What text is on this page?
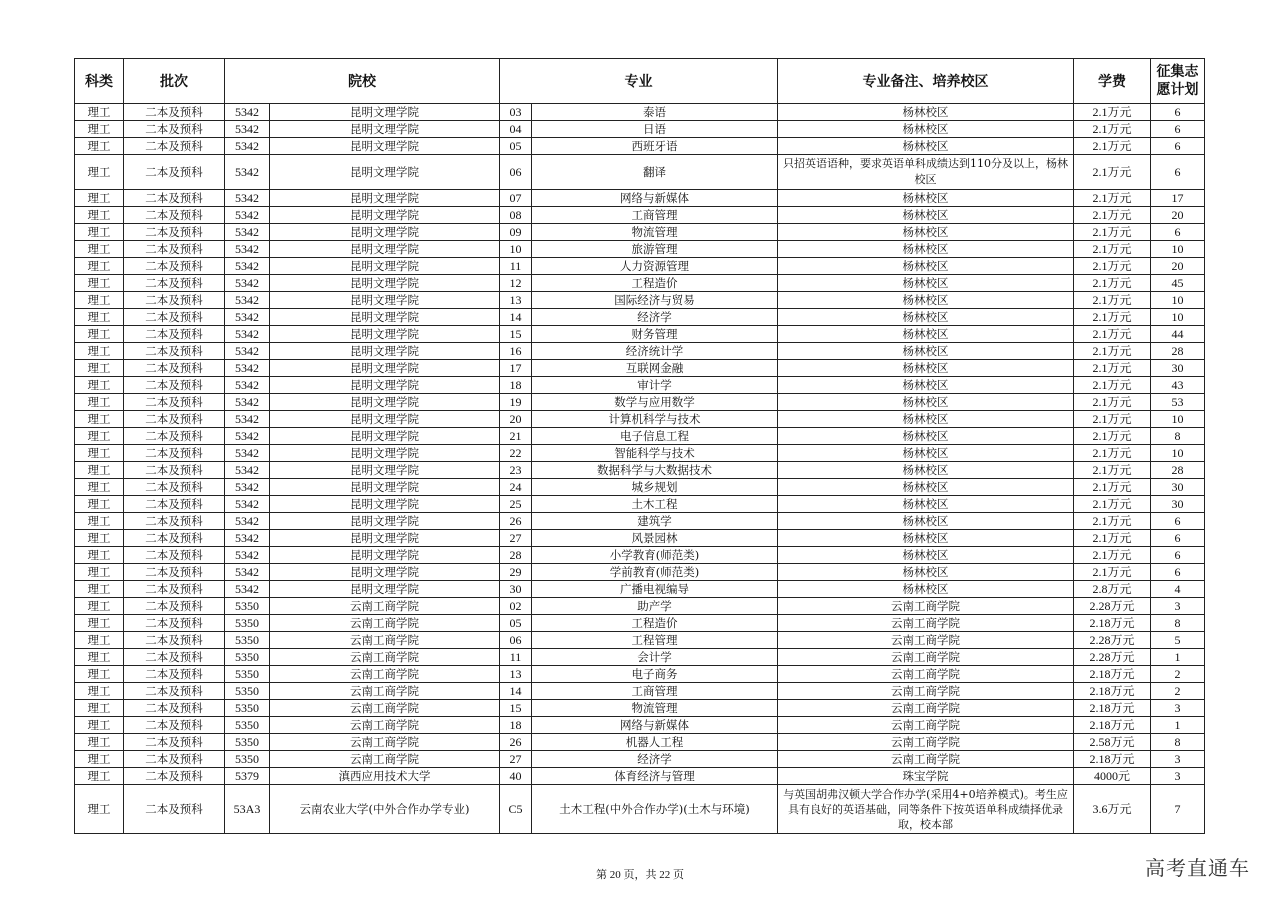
科类	批次	院校		专业		专业备注、培养校区	学费	征集志愿计划
理工	二本及预科	5342	昆明文理学院	03	泰语	杨林校区	2.1万元	6
理工	二本及预科	5342	昆明文理学院	04	日语	杨林校区	2.1万元	6
理工	二本及预科	5342	昆明文理学院	05	西班牙语	杨林校区	2.1万元	6
理工	二本及预科	5342	昆明文理学院	06	翻译	只招英语语种，要求英语单科成绩达到110分及以上，杨林校区	2.1万元	6
理工	二本及预科	5342	昆明文理学院	07	网络与新媒体	杨林校区	2.1万元	17
理工	二本及预科	5342	昆明文理学院	08	工商管理	杨林校区	2.1万元	20
理工	二本及预科	5342	昆明文理学院	09	物流管理	杨林校区	2.1万元	6
理工	二本及预科	5342	昆明文理学院	10	旅游管理	杨林校区	2.1万元	10
理工	二本及预科	5342	昆明文理学院	11	人力资源管理	杨林校区	2.1万元	20
理工	二本及预科	5342	昆明文理学院	12	工程造价	杨林校区	2.1万元	45
理工	二本及预科	5342	昆明文理学院	13	国际经济与贸易	杨林校区	2.1万元	10
理工	二本及预科	5342	昆明文理学院	14	经济学	杨林校区	2.1万元	10
理工	二本及预科	5342	昆明文理学院	15	财务管理	杨林校区	2.1万元	44
理工	二本及预科	5342	昆明文理学院	16	经济统计学	杨林校区	2.1万元	28
理工	二本及预科	5342	昆明文理学院	17	互联网金融	杨林校区	2.1万元	30
理工	二本及预科	5342	昆明文理学院	18	审计学	杨林校区	2.1万元	43
理工	二本及预科	5342	昆明文理学院	19	数学与应用数学	杨林校区	2.1万元	53
理工	二本及预科	5342	昆明文理学院	20	计算机科学与技术	杨林校区	2.1万元	10
理工	二本及预科	5342	昆明文理学院	21	电子信息工程	杨林校区	2.1万元	8
理工	二本及预科	5342	昆明文理学院	22	智能科学与技术	杨林校区	2.1万元	10
理工	二本及预科	5342	昆明文理学院	23	数据科学与大数据技术	杨林校区	2.1万元	28
理工	二本及预科	5342	昆明文理学院	24	城乡规划	杨林校区	2.1万元	30
理工	二本及预科	5342	昆明文理学院	25	土木工程	杨林校区	2.1万元	30
理工	二本及预科	5342	昆明文理学院	26	建筑学	杨林校区	2.1万元	6
理工	二本及预科	5342	昆明文理学院	27	风景园林	杨林校区	2.1万元	6
理工	二本及预科	5342	昆明文理学院	28	小学教育(师范类)	杨林校区	2.1万元	6
理工	二本及预科	5342	昆明文理学院	29	学前教育(师范类)	杨林校区	2.1万元	6
理工	二本及预科	5342	昆明文理学院	30	广播电视编导	杨林校区	2.8万元	4
理工	二本及预科	5350	云南工商学院	02	助产学	云南工商学院	2.28万元	3
理工	二本及预科	5350	云南工商学院	05	工程造价	云南工商学院	2.18万元	8
理工	二本及预科	5350	云南工商学院	06	工程管理	云南工商学院	2.28万元	5
理工	二本及预科	5350	云南工商学院	11	会计学	云南工商学院	2.28万元	1
理工	二本及预科	5350	云南工商学院	13	电子商务	云南工商学院	2.18万元	2
理工	二本及预科	5350	云南工商学院	14	工商管理	云南工商学院	2.18万元	2
理工	二本及预科	5350	云南工商学院	15	物流管理	云南工商学院	2.18万元	3
理工	二本及预科	5350	云南工商学院	18	网络与新媒体	云南工商学院	2.18万元	1
理工	二本及预科	5350	云南工商学院	26	机器人工程	云南工商学院	2.58万元	8
理工	二本及预科	5350	云南工商学院	27	经济学	云南工商学院	2.18万元	3
理工	二本及预科	5379	滇西应用技术大学	40	体育经济与管理	珠宝学院	4000元	3
理工	二本及预科	53A3	云南农业大学(中外合作办学专业)	C5	土木工程(中外合作办学)(土木与环境)	与英国胡弗汉顿大学合作办学(采用4+0培养模式)。考生应具有良好的英语基础，同等条件下按英语单科成绩择优录取，校本部	3.6万元	7
第 20 页，共 22 页	高考直通车
